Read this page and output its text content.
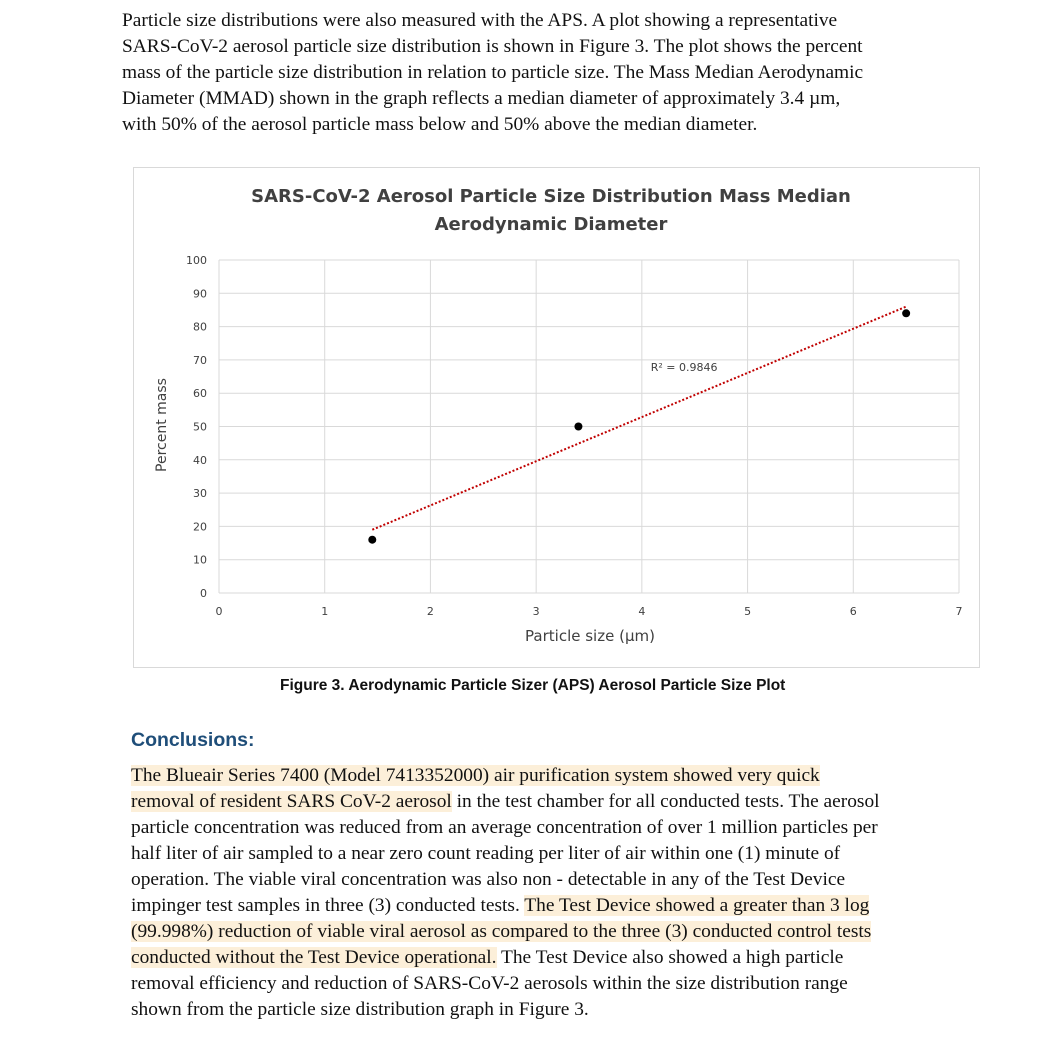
Particle size distributions were also measured with the APS. A plot showing a representative
SARS-CoV-2 aerosol particle size distribution is shown in Figure 3. The plot shows the percent
mass of the particle size distribution in relation to particle size. The Mass Median Aerodynamic
Diameter (MMAD) shown in the graph reflects a median diameter of approximately 3.4 µm,
with 50% of the aerosol particle mass below and 50% above the median diameter.
0
10
20
30
40
50
60
70
80
90
100
0	1	2	3	4	5	6	7
R² = 0.9846
SARS-CoV-2 Aerosol Particle Size Distribution Mass Median
Aerodynamic Diameter
Percent mass
Particle size (µm)
Figure 3. Aerodynamic Particle Sizer (APS) Aerosol Particle Size Plot
Conclusions:
The Blueair Series 7400 (Model 7413352000) air purification system showed very quick
removal of resident SARS CoV-2 aerosol in the test chamber for all conducted tests. The aerosol
particle concentration was reduced from an average concentration of over 1 million particles per
half liter of air sampled to a near zero count reading per liter of air within one (1) minute of
operation. The viable viral concentration was also non - detectable in any of the Test Device
impinger test samples in three (3) conducted tests. The Test Device showed a greater than 3 log
(99.998%) reduction of viable viral aerosol as compared to the three (3) conducted control tests
conducted without the Test Device operational. The Test Device also showed a high particle
removal efficiency and reduction of SARS-CoV-2 aerosols within the size distribution range
shown from the particle size distribution graph in Figure 3.
